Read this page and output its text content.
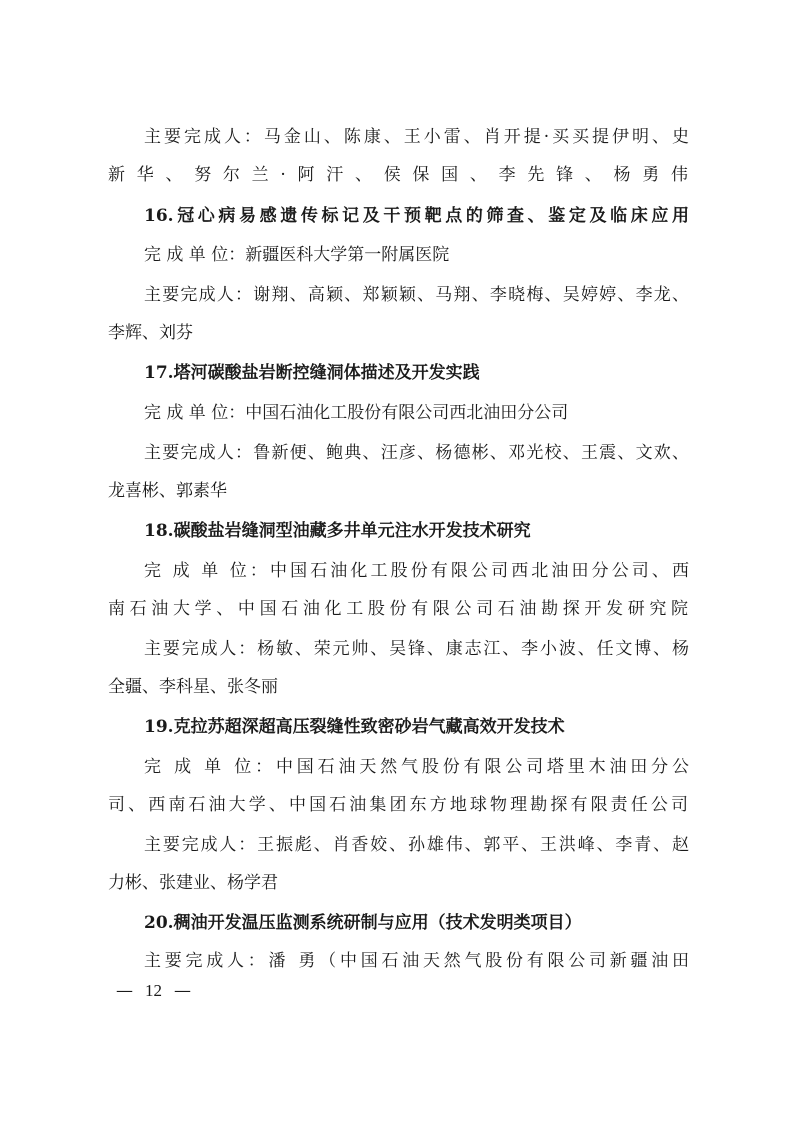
主要完成人：马金山、陈康、王小雷、肖开提·买买提伊明、史
新华、努尔兰·阿汗、侯保国、李先锋、杨勇伟
16.冠心病易感遗传标记及干预靶点的筛查、鉴定及临床应用
完 成 单 位：新疆医科大学第一附属医院
主要完成人：谢翔、高颖、郑颖颖、马翔、李晓梅、吴婷婷、李龙、
李辉、刘芬
17.塔河碳酸盐岩断控缝洞体描述及开发实践
完 成 单 位：中国石油化工股份有限公司西北油田分公司
主要完成人：鲁新便、鲍典、汪彦、杨德彬、邓光校、王震、文欢、
龙喜彬、郭素华
18.碳酸盐岩缝洞型油藏多井单元注水开发技术研究
完 成 单 位：中国石油化工股份有限公司西北油田分公司、西
南石油大学、中国石油化工股份有限公司石油勘探开发研究院
主要完成人：杨敏、荣元帅、吴锋、康志江、李小波、任文博、杨
全疆、李科星、张冬丽
19.克拉苏超深超高压裂缝性致密砂岩气藏高效开发技术
完 成 单 位：中国石油天然气股份有限公司塔里木油田分公
司、西南石油大学、中国石油集团东方地球物理勘探有限责任公司
主要完成人：王振彪、肖香姣、孙雄伟、郭平、王洪峰、李青、赵
力彬、张建业、杨学君
20.稠油开发温压监测系统研制与应用（技术发明类项目）
主要完成人：潘 勇（中国石油天然气股份有限公司新疆油田
— 12 —
